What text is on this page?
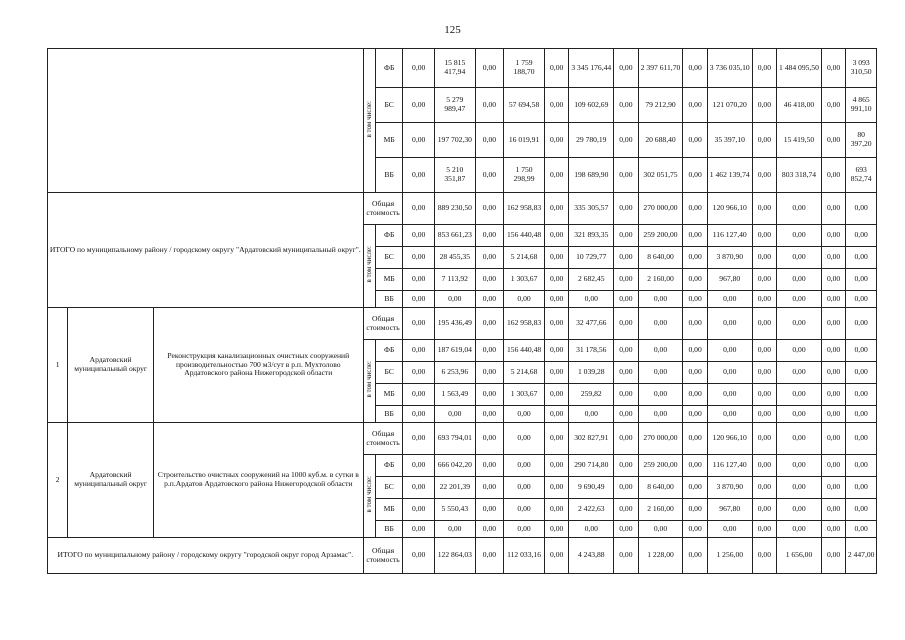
125
			в том числе:	ФБ	0,00	15 815 417,94	0,00	1 759 188,70	0,00	3 345 176,44	0,00	2 397 611,70	0,00	3 736 035,10	0,00	1 484 095,50	0,00	3 093 310,50
				БС	0,00	5 279 989,47	0,00	57 694,58	0,00	109 602,69	0,00	79 212,90	0,00	121 070,20	0,00	46 418,00	0,00	4 865 991,10
				МБ	0,00	197 702,30	0,00	16 019,91	0,00	29 780,19	0,00	20 688,40	0,00	35 397,10	0,00	15 419,50	0,00	80 397,20
				ВБ	0,00	5 210 351,87	0,00	1 750 298,99	0,00	198 689,90	0,00	302 051,75	0,00	1 462 139,74	0,00	803 318,74	0,00	693 852,74
ИТОГО по муниципальному району / городскому округу "Ардатовский муниципальный округ".			Общая стоимость		0,00	889 230,50	0,00	162 958,83	0,00	335 305,57	0,00	270 000,00	0,00	120 966,10	0,00	0,00	0,00	0,00
			в том числе:	ФБ	0,00	853 661,23	0,00	156 440,48	0,00	321 893,35	0,00	259 200,00	0,00	116 127,40	0,00	0,00	0,00	0,00
				БС	0,00	28 455,35	0,00	5 214,68	0,00	10 729,77	0,00	8 640,00	0,00	3 870,90	0,00	0,00	0,00	0,00
				МБ	0,00	7 113,92	0,00	1 303,67	0,00	2 682,45	0,00	2 160,00	0,00	967,80	0,00	0,00	0,00	0,00
				ВБ	0,00	0,00	0,00	0,00	0,00	0,00	0,00	0,00	0,00	0,00	0,00	0,00	0,00	0,00
1	Ардатовский муниципальный округ	Реконструкция канализационных очистных сооружений производительностью 700 м3/сут в р.п. Мухтолово Ардатовского района Нижегородской области	Общая стоимость		0,00	195 436,49	0,00	162 958,83	0,00	32 477,66	0,00	0,00	0,00	0,00	0,00	0,00	0,00	0,00
			в том числе:	ФБ	0,00	187 619,04	0,00	156 440,48	0,00	31 178,56	0,00	0,00	0,00	0,00	0,00	0,00	0,00	0,00
				БС	0,00	6 253,96	0,00	5 214,68	0,00	1 039,28	0,00	0,00	0,00	0,00	0,00	0,00	0,00	0,00
				МБ	0,00	1 563,49	0,00	1 303,67	0,00	259,82	0,00	0,00	0,00	0,00	0,00	0,00	0,00	0,00
				ВБ	0,00	0,00	0,00	0,00	0,00	0,00	0,00	0,00	0,00	0,00	0,00	0,00	0,00	0,00
2	Ардатовский муниципальный округ	Строительство очистных сооружений на 1000 куб.м. в сутки в р.п.Ардатов Ардатовского района Нижегородской области	Общая стоимость		0,00	693 794,01	0,00	0,00	0,00	302 827,91	0,00	270 000,00	0,00	120 966,10	0,00	0,00	0,00	0,00
			в том числе:	ФБ	0,00	666 042,20	0,00	0,00	0,00	290 714,80	0,00	259 200,00	0,00	116 127,40	0,00	0,00	0,00	0,00
				БС	0,00	22 201,39	0,00	0,00	0,00	9 690,49	0,00	8 640,00	0,00	3 870,90	0,00	0,00	0,00	0,00
				МБ	0,00	5 550,43	0,00	0,00	0,00	2 422,63	0,00	2 160,00	0,00	967,80	0,00	0,00	0,00	0,00
				ВБ	0,00	0,00	0,00	0,00	0,00	0,00	0,00	0,00	0,00	0,00	0,00	0,00	0,00	0,00
ИТОГО по муниципальному району / городскому округу "городской округ город Арзамас".			Общая стоимость		0,00	122 864,03	0,00	112 033,16	0,00	4 243,88	0,00	1 228,00	0,00	1 256,00	0,00	1 656,00	0,00	2 447,00
